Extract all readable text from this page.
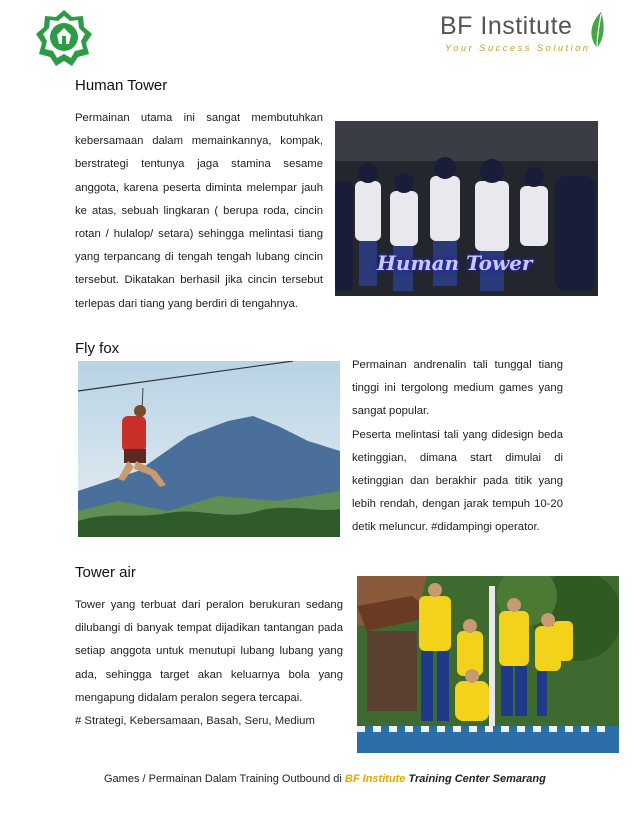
BF Institute
Your Success Solution
Human Tower
Permainan utama ini sangat membutuhkan kebersamaan dalam memainkannya, kompak, berstrategi tentunya jaga stamina sesame anggota, karena peserta diminta melempar jauh ke atas, sebuah lingkaran ( berupa roda, cincin rotan / hulalop/ setara) sehingga melintasi tiang yang terpancang di tengah tengah lubang cincin tersebut. Dikatakan berhasil jika cincin tersebut terlepas dari tiang yang berdiri di tengahnya.
Human Tower
Fly fox

Permainan andrenalin tali tunggal tiang tinggi ini tergolong medium games yang sangat popular.

Peserta melintasi tali yang didesign beda ketinggian, dimana start dimulai di ketinggian dan berakhir pada titik yang lebih rendah, dengan jarak tempuh 10-20 detik meluncur. #didampingi operator.

Tower air

Tower yang terbuat dari peralon berukuran sedang dilubangi di banyak tempat dijadikan tantangan pada setiap anggota untuk menutupi lubang lubang yang ada, sehingga target akan keluarnya bola yang mengapung didalam peralon segera tercapai.

# Strategi, Kebersamaan, Basah, Seru, Medium

Games / Permainan Dalam Training Outbound di BF Institute Training Center Semarang
